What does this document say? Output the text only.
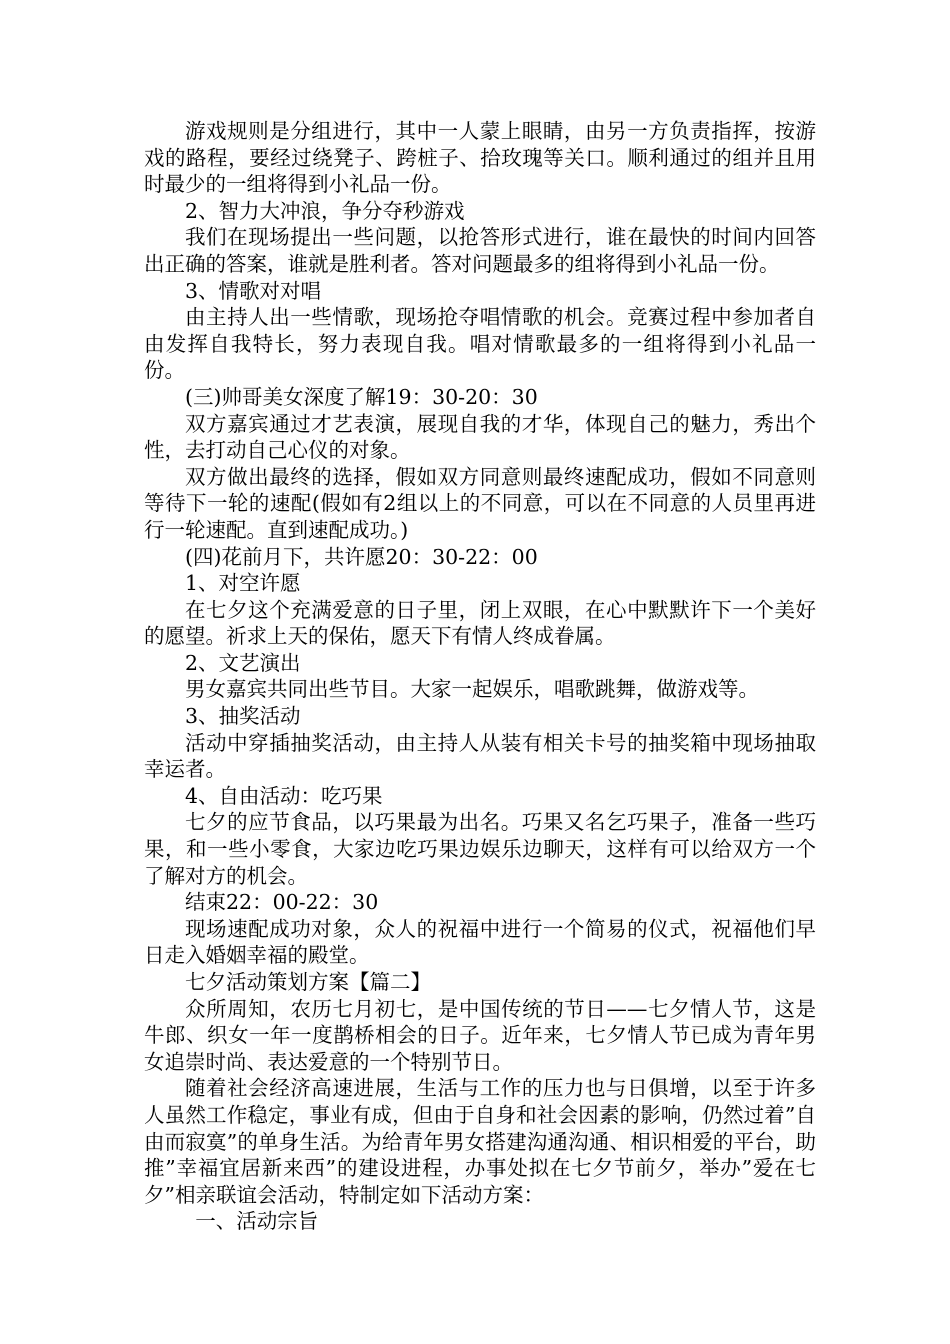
游戏规则是分组进行，其中一人蒙上眼睛，由另一方负责指挥，按游戏的路程，要经过绕凳子、跨桩子、拾玫瑰等关口。顺利通过的组并且用时最少的一组将得到小礼品一份。

2、智力大冲浪，争分夺秒游戏

我们在现场提出一些问题，以抢答形式进行，谁在最快的时间内回答出正确的答案，谁就是胜利者。答对问题最多的组将得到小礼品一份。

3、情歌对对唱

由主持人出一些情歌，现场抢夺唱情歌的机会。竞赛过程中参加者自由发挥自我特长，努力表现自我。唱对情歌最多的一组将得到小礼品一份。

(三)帅哥美女深度了解19：30-20：30

双方嘉宾通过才艺表演，展现自我的才华，体现自己的魅力，秀出个性，去打动自己心仪的对象。

双方做出最终的选择，假如双方同意则最终速配成功，假如不同意则等待下一轮的速配(假如有2组以上的不同意，可以在不同意的人员里再进行一轮速配。直到速配成功。)

(四)花前月下，共许愿20：30-22：00

1、对空许愿

在七夕这个充满爱意的日子里，闭上双眼，在心中默默许下一个美好的愿望。祈求上天的保佑，愿天下有情人终成眷属。

2、文艺演出

男女嘉宾共同出些节目。大家一起娱乐，唱歌跳舞，做游戏等。

3、抽奖活动

活动中穿插抽奖活动，由主持人从装有相关卡号的抽奖箱中现场抽取幸运者。

4、自由活动：吃巧果

七夕的应节食品，以巧果最为出名。巧果又名乞巧果子，准备一些巧果，和一些小零食，大家边吃巧果边娱乐边聊天，这样有可以给双方一个了解对方的机会。

结束22：00-22：30

现场速配成功对象，众人的祝福中进行一个简易的仪式，祝福他们早日走入婚姻幸福的殿堂。

七夕活动策划方案【篇二】

众所周知，农历七月初七，是中国传统的节日——七夕情人节，这是牛郎、织女一年一度鹊桥相会的日子。近年来，七夕情人节已成为青年男女追崇时尚、表达爱意的一个特别节日。

随着社会经济高速进展，生活与工作的压力也与日俱增，以至于许多人虽然工作稳定，事业有成，但由于自身和社会因素的影响，仍然过着”自由而寂寞”的单身生活。为给青年男女搭建沟通沟通、相识相爱的平台，助推”幸福宜居新来西”的建设进程，办事处拟在七夕节前夕，举办”爱在七夕”相亲联谊会活动，特制定如下活动方案：

一、活动宗旨
